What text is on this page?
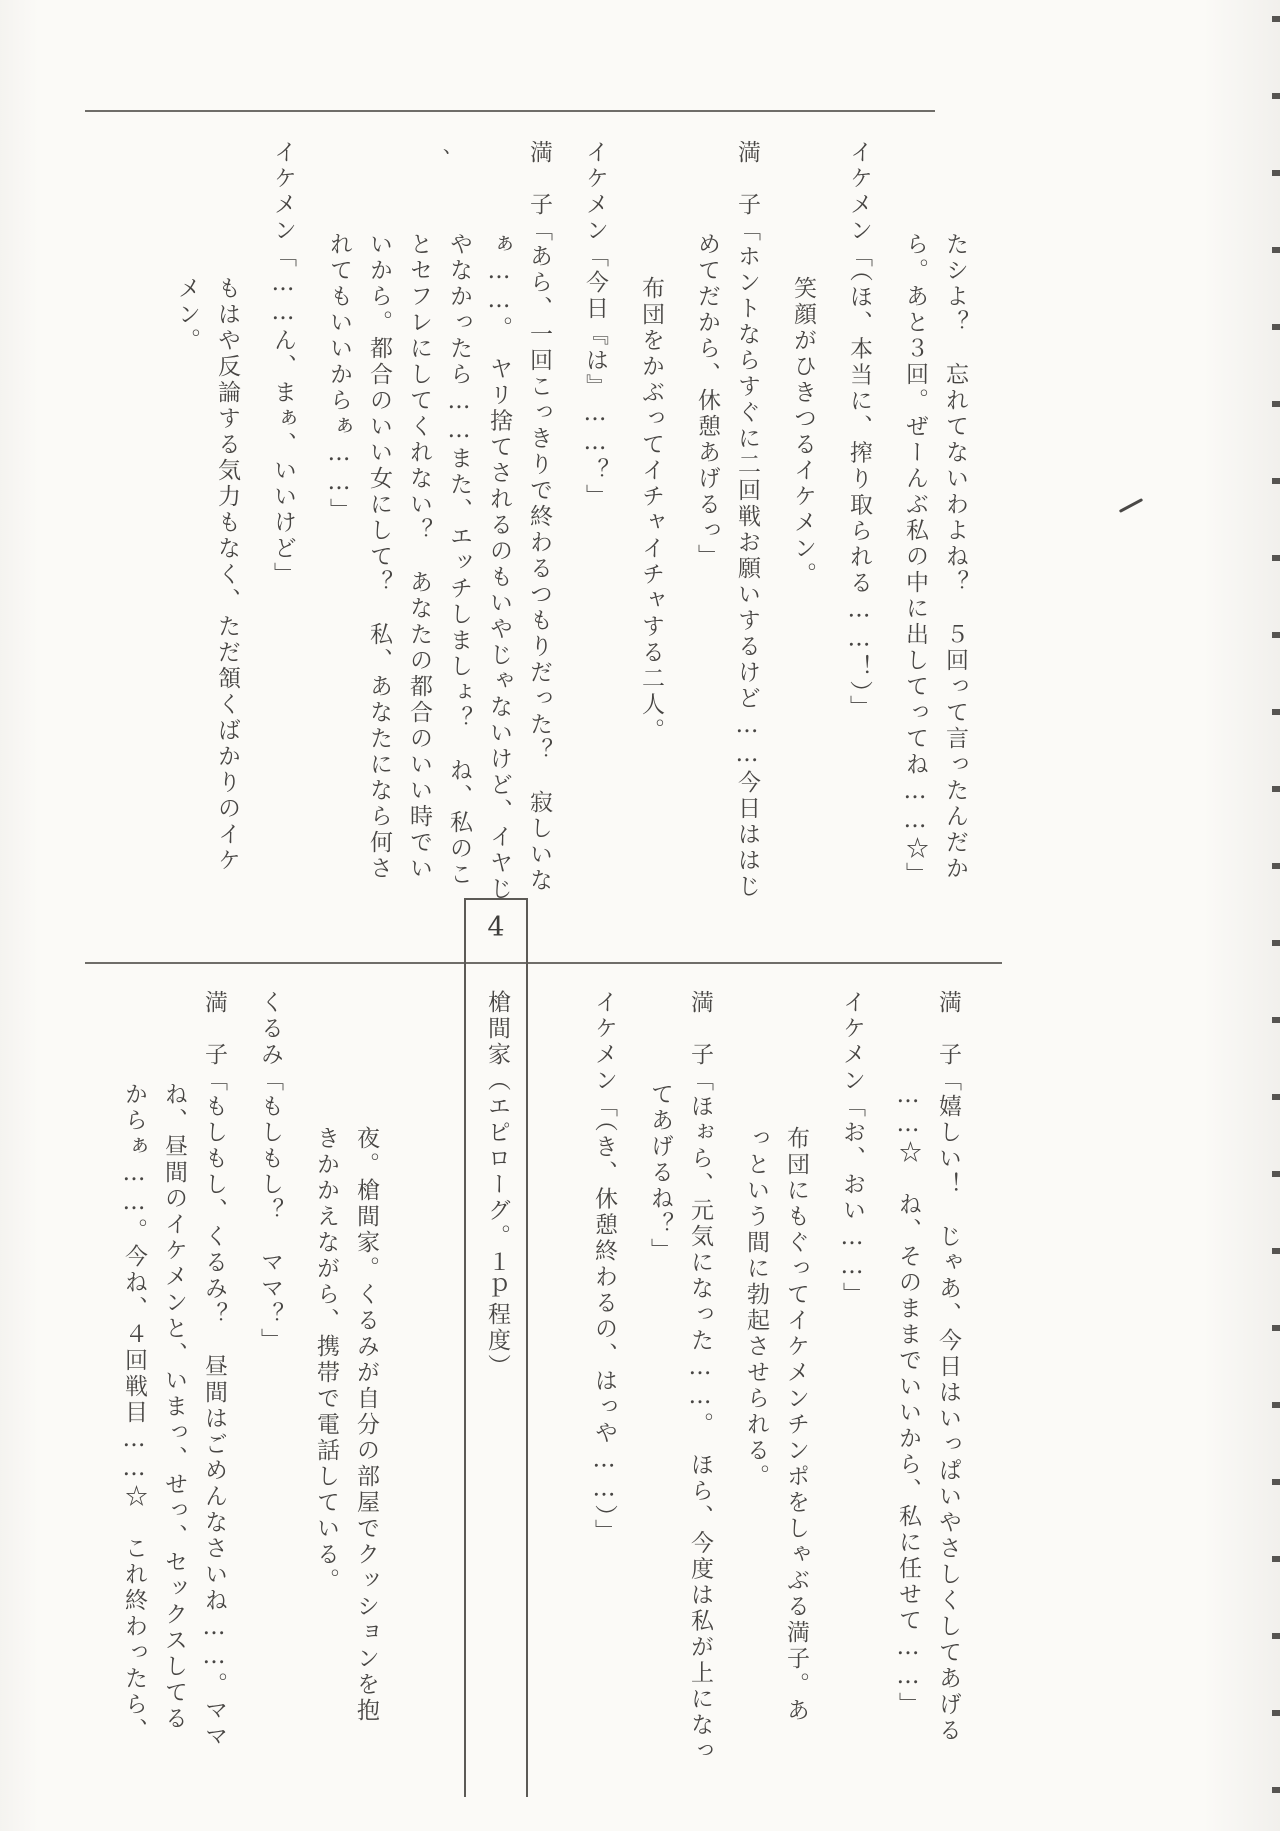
たシよ？　忘れてないわよね？　５回って言ったんだか
ら。あと３回。ぜーんぶ私の中に出してってね……☆」
イケメン「（ほ、本当に、搾り取られる……！）」
笑顔がひきつるイケメン。
満　子「ホントならすぐに二回戦お願いするけど……今日ははじ
めてだから、休憩あげるっ」
布団をかぶってイチャイチャする二人。
イケメン「今日『は』……？」
満　子「あら、一回こっきりで終わるつもりだった？　寂しいな
ぁ……。　ヤリ捨てされるのもいやじゃないけど、イヤじ
やなかったら……また、エッチしましょ？　ね、私のこ
とセフレにしてくれない？　あなたの都合のいい時でい
いから。都合のいい女にして？　私、あなたになら何さ
れてもいいからぁ……」
イケメン「……ん、まぁ、いいけど」
もはや反論する気力もなく、ただ頷くばかりのイケ
メン。
満　子「嬉しい！　じゃあ、今日はいっぱいやさしくしてあげる
……☆　ね、そのままでいいから、私に任せて……」
イケメン「お、おい……」
布団にもぐってイケメンチンポをしゃぶる満子。あ
っという間に勃起させられる。
満　子「ほぉら、元気になった……。　ほら、今度は私が上になっ
てあげるね？」
イケメン「（き、休憩終わるの、はっや……）」
夜。槍間家。くるみが自分の部屋でクッションを抱
きかかえながら、携帯で電話している。
くるみ「もしもし？　ママ？」
満　子「もしもし、くるみ？　昼間はごめんなさいね……。ママ
ね、昼間のイケメンと、いまっ、せっ、セックスしてる
からぁ……。今ね、４回戦目……☆　これ終わったら、
4
槍間家（エピローグ。１ｐ程度）
、
